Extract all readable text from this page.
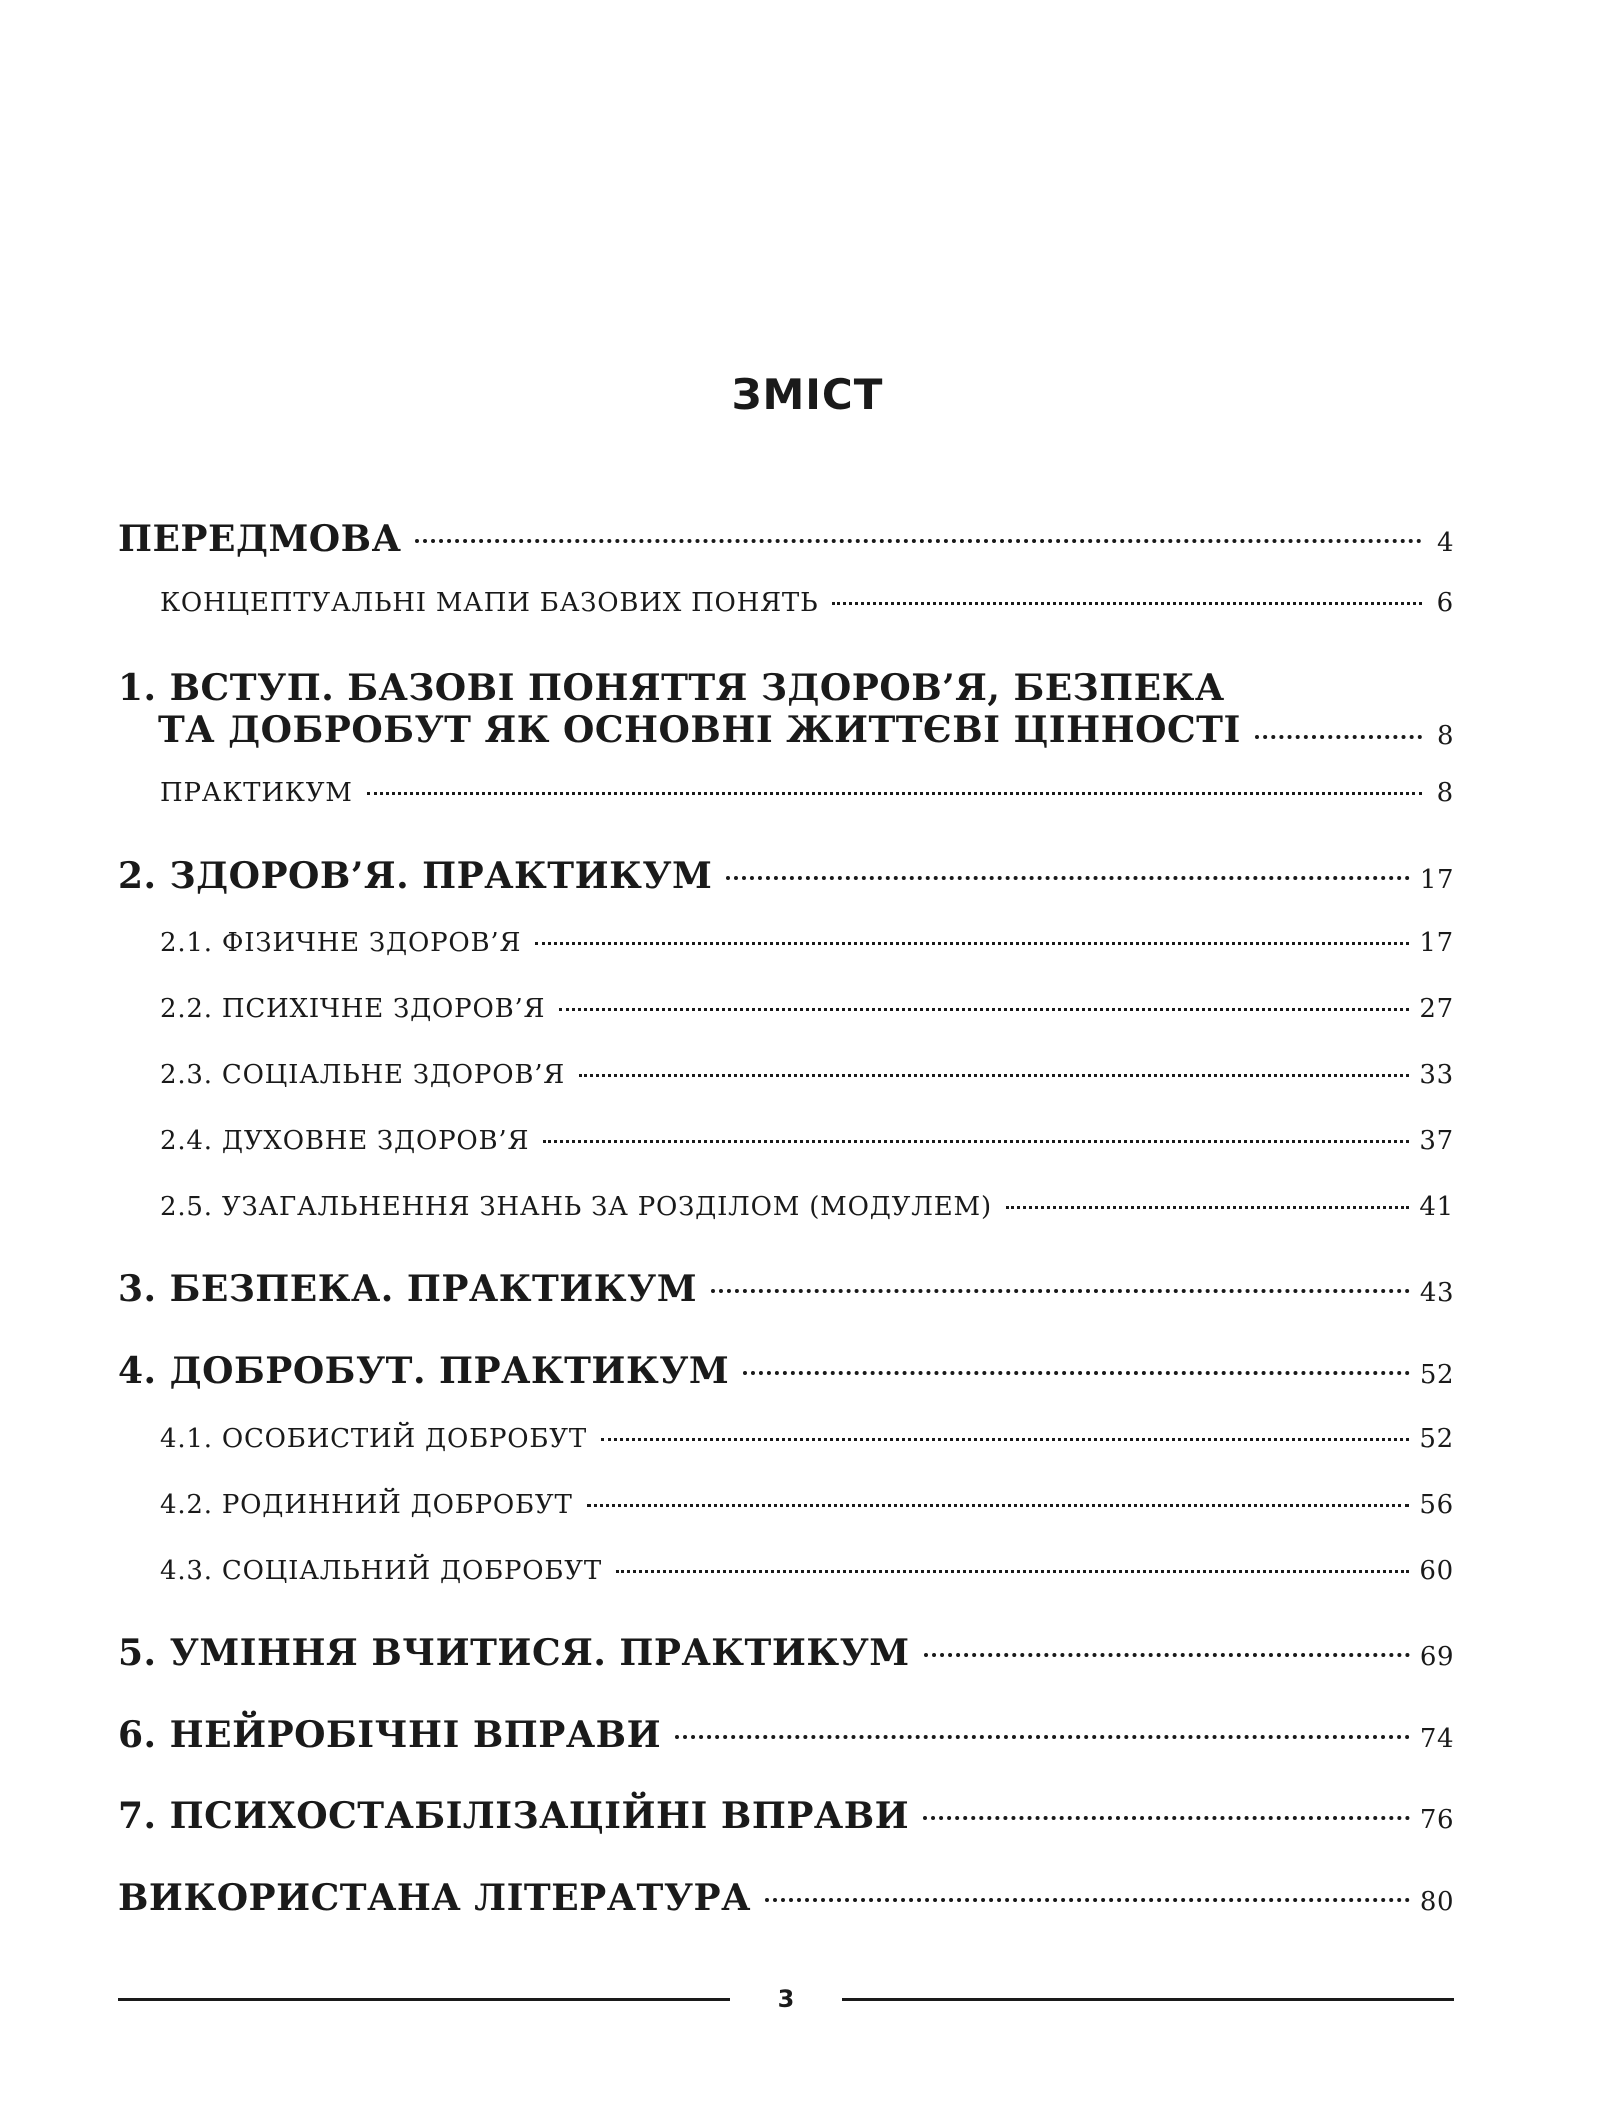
ЗМІСТ
ПЕРЕДМОВА	4
КОНЦЕПТУАЛЬНІ МАПИ БАЗОВИХ ПОНЯТЬ	6
1. ВСТУП. БАЗОВІ ПОНЯТТЯ ЗДОРОВ’Я, БЕЗПЕКА
ТА ДОБРОБУТ ЯК ОСНОВНІ ЖИТТЄВІ ЦІННОСТІ	8
ПРАКТИКУМ	8
2. ЗДОРОВ’Я. ПРАКТИКУМ	17
2.1. ФІЗИЧНЕ ЗДОРОВ’Я	17
2.2. ПСИХІЧНЕ ЗДОРОВ’Я	27
2.3. СОЦІАЛЬНЕ ЗДОРОВ’Я	33
2.4. ДУХОВНЕ ЗДОРОВ’Я	37
2.5. УЗАГАЛЬНЕННЯ ЗНАНЬ ЗА РОЗДІЛОМ (МОДУЛЕМ)	41
3. БЕЗПЕКА. ПРАКТИКУМ	43
4. ДОБРОБУТ. ПРАКТИКУМ	52
4.1. ОСОБИСТИЙ ДОБРОБУТ	52
4.2. РОДИННИЙ ДОБРОБУТ	56
4.3. СОЦІАЛЬНИЙ ДОБРОБУТ	60
5. УМІННЯ ВЧИТИСЯ. ПРАКТИКУМ	69
6. НЕЙРОБІЧНІ ВПРАВИ	74
7. ПСИХОСТАБІЛІЗАЦІЙНІ ВПРАВИ	76
ВИКОРИСТАНА ЛІТЕРАТУРА	80
3
